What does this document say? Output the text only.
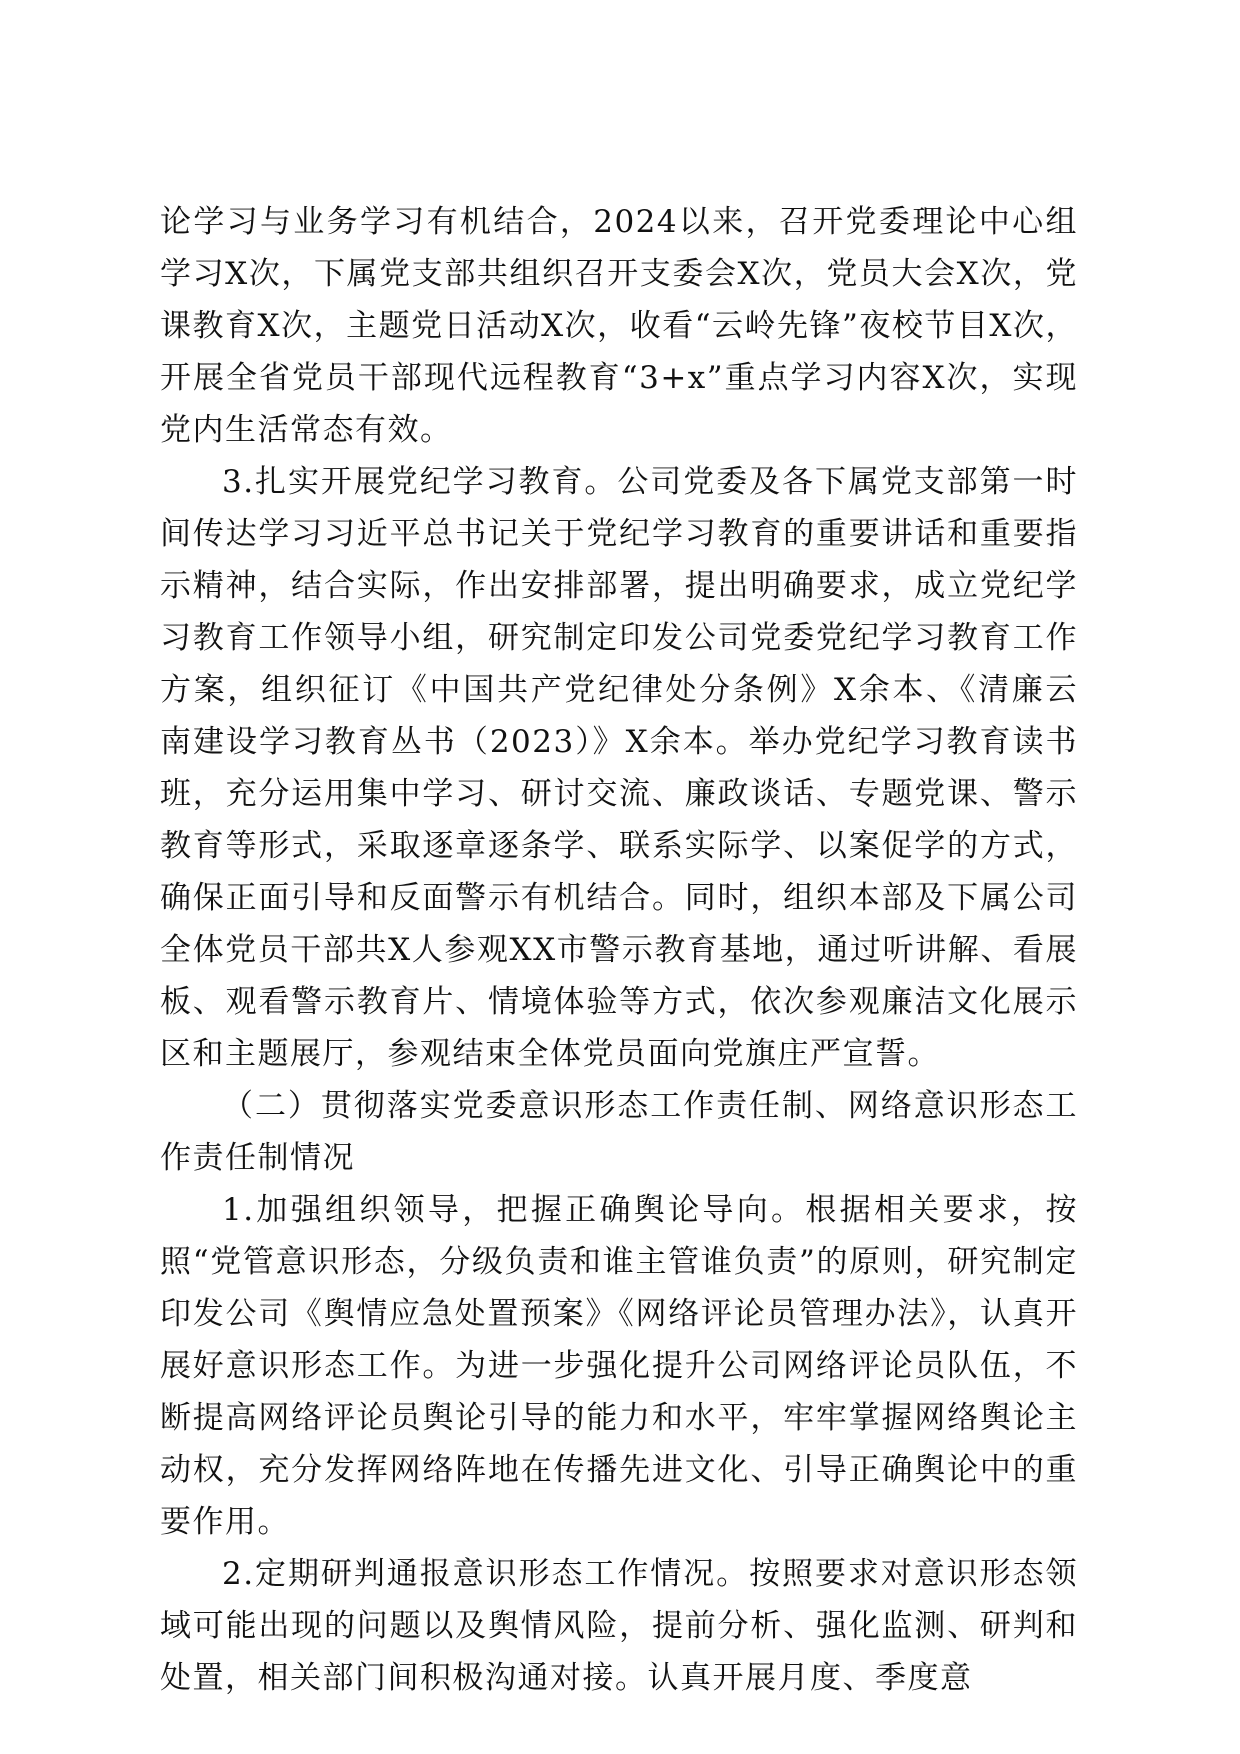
论学习与业务学习有机结合，2024以来，召开党委理论中心组学习X次，下属党支部共组织召开支委会X次，党员大会X次，党课教育X次，主题党日活动X次，收看“云岭先锋”夜校节目X次，开展全省党员干部现代远程教育“3+x”重点学习内容X次，实现党内生活常态有效。

3.扎实开展党纪学习教育。公司党委及各下属党支部第一时间传达学习习近平总书记关于党纪学习教育的重要讲话和重要指示精神，结合实际，作出安排部署，提出明确要求，成立党纪学习教育工作领导小组，研究制定印发公司党委党纪学习教育工作方案，组织征订《中国共产党纪律处分条例》X余本、《清廉云南建设学习教育丛书（2023）》X余本。举办党纪学习教育读书班，充分运用集中学习、研讨交流、廉政谈话、专题党课、警示教育等形式，采取逐章逐条学、联系实际学、以案促学的方式，确保正面引导和反面警示有机结合。同时，组织本部及下属公司全体党员干部共X人参观XX市警示教育基地，通过听讲解、看展板、观看警示教育片、情境体验等方式，依次参观廉洁文化展示区和主题展厅，参观结束全体党员面向党旗庄严宣誓。

（二）贯彻落实党委意识形态工作责任制、网络意识形态工作责任制情况

1.加强组织领导，把握正确舆论导向。根据相关要求，按照“党管意识形态，分级负责和谁主管谁负责”的原则，研究制定印发公司《舆情应急处置预案》《网络评论员管理办法》，认真开展好意识形态工作。为进一步强化提升公司网络评论员队伍，不断提高网络评论员舆论引导的能力和水平，牢牢掌握网络舆论主动权，充分发挥网络阵地在传播先进文化、引导正确舆论中的重要作用。

2.定期研判通报意识形态工作情况。按照要求对意识形态领域可能出现的问题以及舆情风险，提前分析、强化监测、研判和处置，相关部门间积极沟通对接。认真开展月度、季度意
